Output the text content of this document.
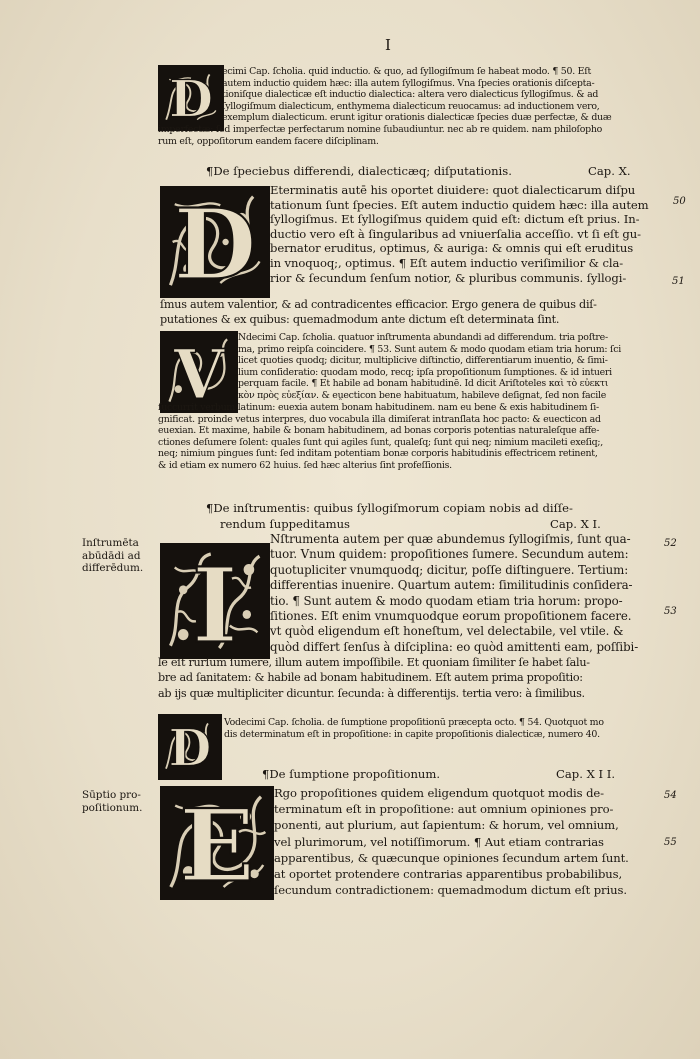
I
D ecimi Cap. ſcholia. quid inductio. & quo, ad ſyllogiſmum ſe habeat modo. ¶ 50. Eſt
autem inductio quidem hæc: illa autem ſyllogiſmus. Vna ſpecies orationis diſcepta-
tioniſque dialecticæ eſt inductio dialectica: altera vero dialecticus ſyllogiſmus. & ad
ſyllogiſmum dialecticum, enthymema dialecticum reuocamus: ad inductionem vero,
exemplum dialecticum. erunt igitur orationis dialecticæ ſpecies duæ perfectæ, & duæ
imperfectæ: ſed imperfectæ perfectarum nomine ſubaudiuntur. nec ab re quidem. nam philoſopho
rum eſt, oppoſitorum eandem facere diſciplinam.
¶De ſpeciebus differendi, dialecticæq; diſputationis.	Cap. X.
D Eterminatis autē his oportet diuidere: quot dialecticarum diſpu
tationum ſunt ſpecies. Eſt autem inductio quidem hæc: illa autem
ſyllogiſmus. Et ſyllogiſmus quidem quid eſt: dictum eſt prius. In-
ductio vero eſt à ſingularibus ad vniuerſalia acceſſio. vt ſi eſt gu-
bernator eruditus, optimus, & auriga: & omnis qui eſt eruditus
in vnoquoq;, optimus. ¶ Eſt autem inductio veriſimilior & cla-
rior & ſecundum ſenſum notior, & pluribus communis. ſyllogi-
ſmus autem valentior, & ad contradicentes efficacior. Ergo genera de quibus diſ-
putationes & ex quibus: quemadmodum ante dictum eſt determinata ſint.
V Ndecimi Cap. ſcholia. quatuor inſtrumenta abundandi ad differendum. tria poſtre-
ma, primo reipſa coincidere. ¶ 53. Sunt autem & modo quodam etiam tria horum: ſci
licet quoties quodq; dicitur, multiplicive diſtinctio, differentiarum inuentio, & ſimi-
lium conſideratio: quodam modo, recq; ipſa propoſitionum ſumptiones. & id intueri
perquam facile. ¶ Et habile ad bonam habitudinē. Id dicit Ariſtoteles καὶ τὸ εὐεκτι
κὸν πρὸς εὐεξίαν. & eu̯ecticon bene habituatum, habileve deſignat, ſed non facile
ſuccurrit verbum latinum: euexia autem bonam habitudinem. nam eu bene & exis habitudinem ſi-
gnificat. proinde vetus interpres, duo vocabula illa dimiſerat intranſlata hoc pacto: & euecticon ad
euexian. Et maxime, habile & bonam habitudinem, ad bonas corporis potentias naturaleſque affe-
ctiones deſumere ſolent: quales ſunt qui agiles ſunt, qualeſq; ſunt qui neq; nimium macileti exeſiq;,
neq; nimium pingues ſunt: ſed inditam potentiam bonæ corporis habitudinis effectricem retinent,
& id etiam ex numero 62 huius. ſed hæc alterius ſint profeſſionis.
¶De inſtrumentis: quibus ſyllogiſmorum copiam nobis ad diſſe-
rendum ſuppeditamus	Cap. X I.
Inſtrumēta
abūdādi ad
differēdum. I
Nſtrumenta autem per quæ abundemus ſyllogiſmis, ſunt qua-
tuor. Vnum quidem: propoſitiones ſumere. Secundum autem:
quotupliciter vnumquodq; dicitur, poſſe diſtinguere. Tertium:
differentias inuenire. Quartum autem: ſimilitudinis conſidera-
tio. ¶ Sunt autem & modo quodam etiam tria horum: propo-
ſitiones. Eſt enim vnumquodque eorum propoſitionem facere.
vt quòd eligendum eſt honeſtum, vel delectabile, vel vtile. &
quòd differt ſenſus à diſciplina: eo quòd amittenti eam, poſſibi-
le eſt rurſum ſumere, illum autem impoſſibile. Et quoniam ſimiliter ſe habet ſalu-
bre ad ſanitatem: & habile ad bonam habitudinem. Eſt autem prima propoſitio:
ab ijs quæ multipliciter dicuntur. ſecunda: à differentijs. tertia vero: à ſimilibus.
D Vodecimi Cap. ſcholia. de ſumptione propoſitionū præcepta octo. ¶ 54. Quotquot mo
dis determinatum eſt in propoſitione: in capite propoſitionis dialecticæ, numero 40.
¶De ſumptione propoſitionum.	Cap. X I I.
Sūptio pro-
poſitionum. E Rgo propoſitiones quidem eligendum quotquot modis de-
terminatum eſt in propoſitione: aut omnium opiniones pro-
ponenti, aut plurium, aut ſapientum: & horum, vel omnium,
vel plurimorum, vel notiſſimorum. ¶ Aut etiam contrarias
apparentibus, & quæcunque opiniones ſecundum artem ſunt.
at oportet protendere contrarias apparentibus probabilibus,
ſecundum contradictionem: quemadmodum dictum eſt prius.
50
51
52
53
54
55
